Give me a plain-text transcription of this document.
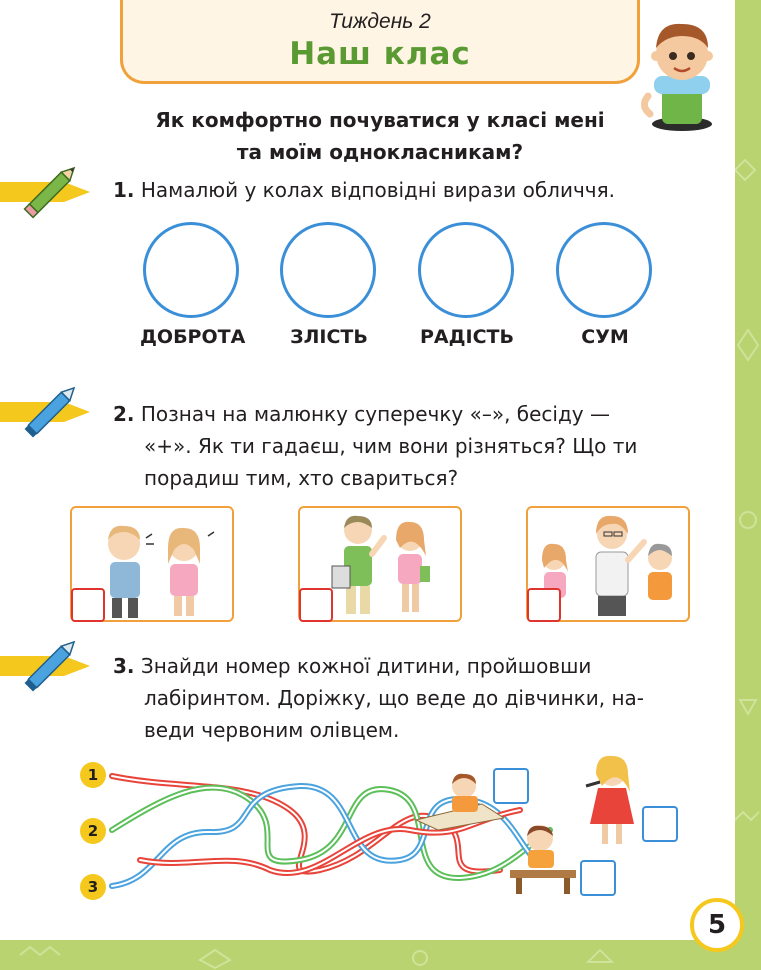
Тиждень 2
Наш клас
Як комфортно почуватися у класі мені
та моїм однокласникам?
1. Намалюй у колах відповідні вирази обличчя.
ДОБРОТА	ЗЛІСТЬ	РАДІСТЬ	СУМ
2. Познач на малюнку суперечку «–», бесіду —
«+». Як ти гадаєш, чим вони різняться? Що ти
порадиш тим, хто свариться?
3. Знайди номер кожної дитини, пройшовши
лабіринтом. Доріжку, що веде до дівчинки, на-
веди червоним олівцем.
1
2
3
5
